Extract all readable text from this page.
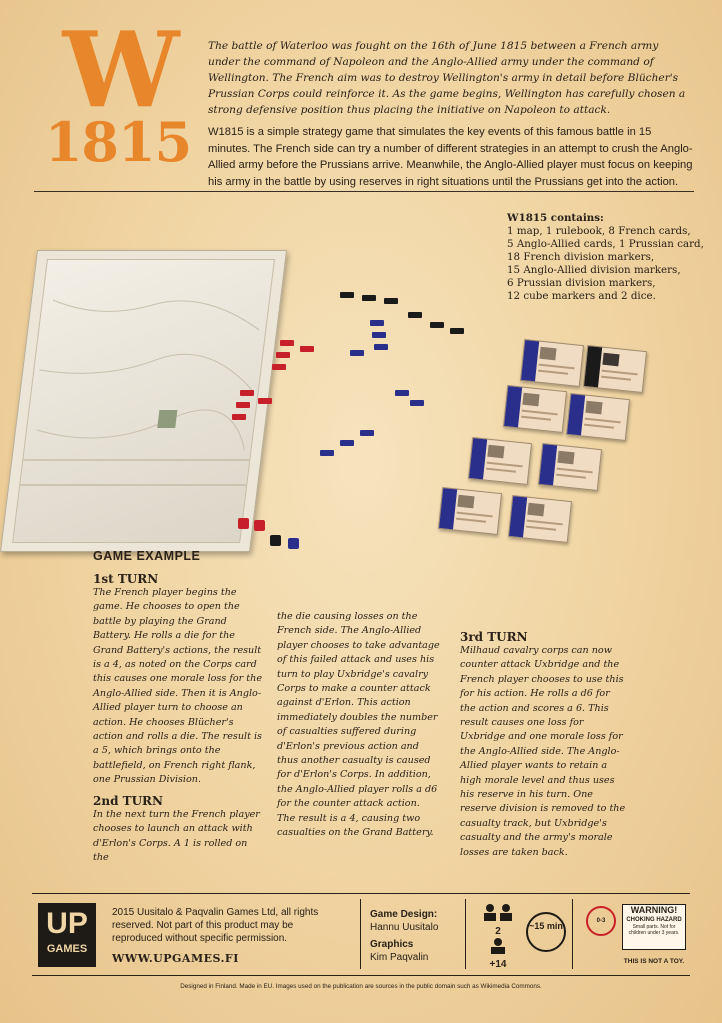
W
1815
The battle of Waterloo was fought on the 16th of June 1815 between a French army under the command of Napoleon and the Anglo-Allied army under the command of Wellington. The French aim was to destroy Wellington's army in detail before Blücher's Prussian Corps could reinforce it. As the game begins, Wellington has carefully chosen a strong defensive position thus placing the initiative on Napoleon to attack.
W1815 is a simple strategy game that simulates the key events of this famous battle in 15 minutes. The French side can try a number of different strategies in an attempt to crush the Anglo-Allied army before the Prussians arrive. Meanwhile, the Anglo-Allied player must focus on keeping his army in the battle by using reserves in right situations until the Prussians get into the action.
W1815 contains:
1 map, 1 rulebook, 8 French cards,
5 Anglo-Allied cards, 1 Prussian card,
18 French division markers,
15 Anglo-Allied division markers,
6 Prussian division markers,
12 cube markers and 2 dice.
GAME EXAMPLE
1st TURN
The French player begins the game. He chooses to open the battle by playing the Grand Battery. He rolls a die for the Grand Battery's actions, the result is a 4, as noted on the Corps card this causes one morale loss for the Anglo-Allied side. Then it is Anglo-Allied player turn to choose an action. He chooses Blücher's action and rolls a die. The result is a 5, which brings onto the battlefield, on French right flank, one Prussian Division.
2nd TURN
In the next turn the French player chooses to launch an attack with d'Erlon's Corps. A 1 is rolled on the
the die causing losses on the French side. The Anglo-Allied player chooses to take advantage of this failed attack and uses his turn to play Uxbridge's cavalry Corps to make a counter attack against d'Erlon. This action immediately doubles the number of casualties suffered during d'Erlon's previous action and thus another casualty is caused for d'Erlon's Corps. In addition, the Anglo-Allied player rolls a d6 for the counter attack action. The result is a 4, causing two casualties on the Grand Battery.
3rd TURN
Milhaud cavalry corps can now counter attack Uxbridge and the French player chooses to use this for his action. He rolls a d6 for the action and scores a 6. This result causes one loss for Uxbridge and one morale loss for the Anglo-Allied side. The Anglo-Allied player wants to retain a high morale level and thus uses his reserve in his turn. One reserve division is removed to the casualty track, but Uxbridge's casualty and the army's morale losses are taken back.
UP
GAMES
2015 Uusitalo & Paqvalin Games Ltd, all rights reserved. Not part of this product may be reproduced without specific permission.
WWW.UPGAMES.FI
Game Design:
Hannu Uusitalo
Graphics
Kim Paqvalin
2
+14
~15 min	0-3
WARNING!
CHOKING HAZARD
Small parts. Not for children under 3 years.
THIS IS NOT A TOY.
Designed in Finland. Made in EU. Images used on the publication are sources in the public domain such as Wikimedia Commons.
